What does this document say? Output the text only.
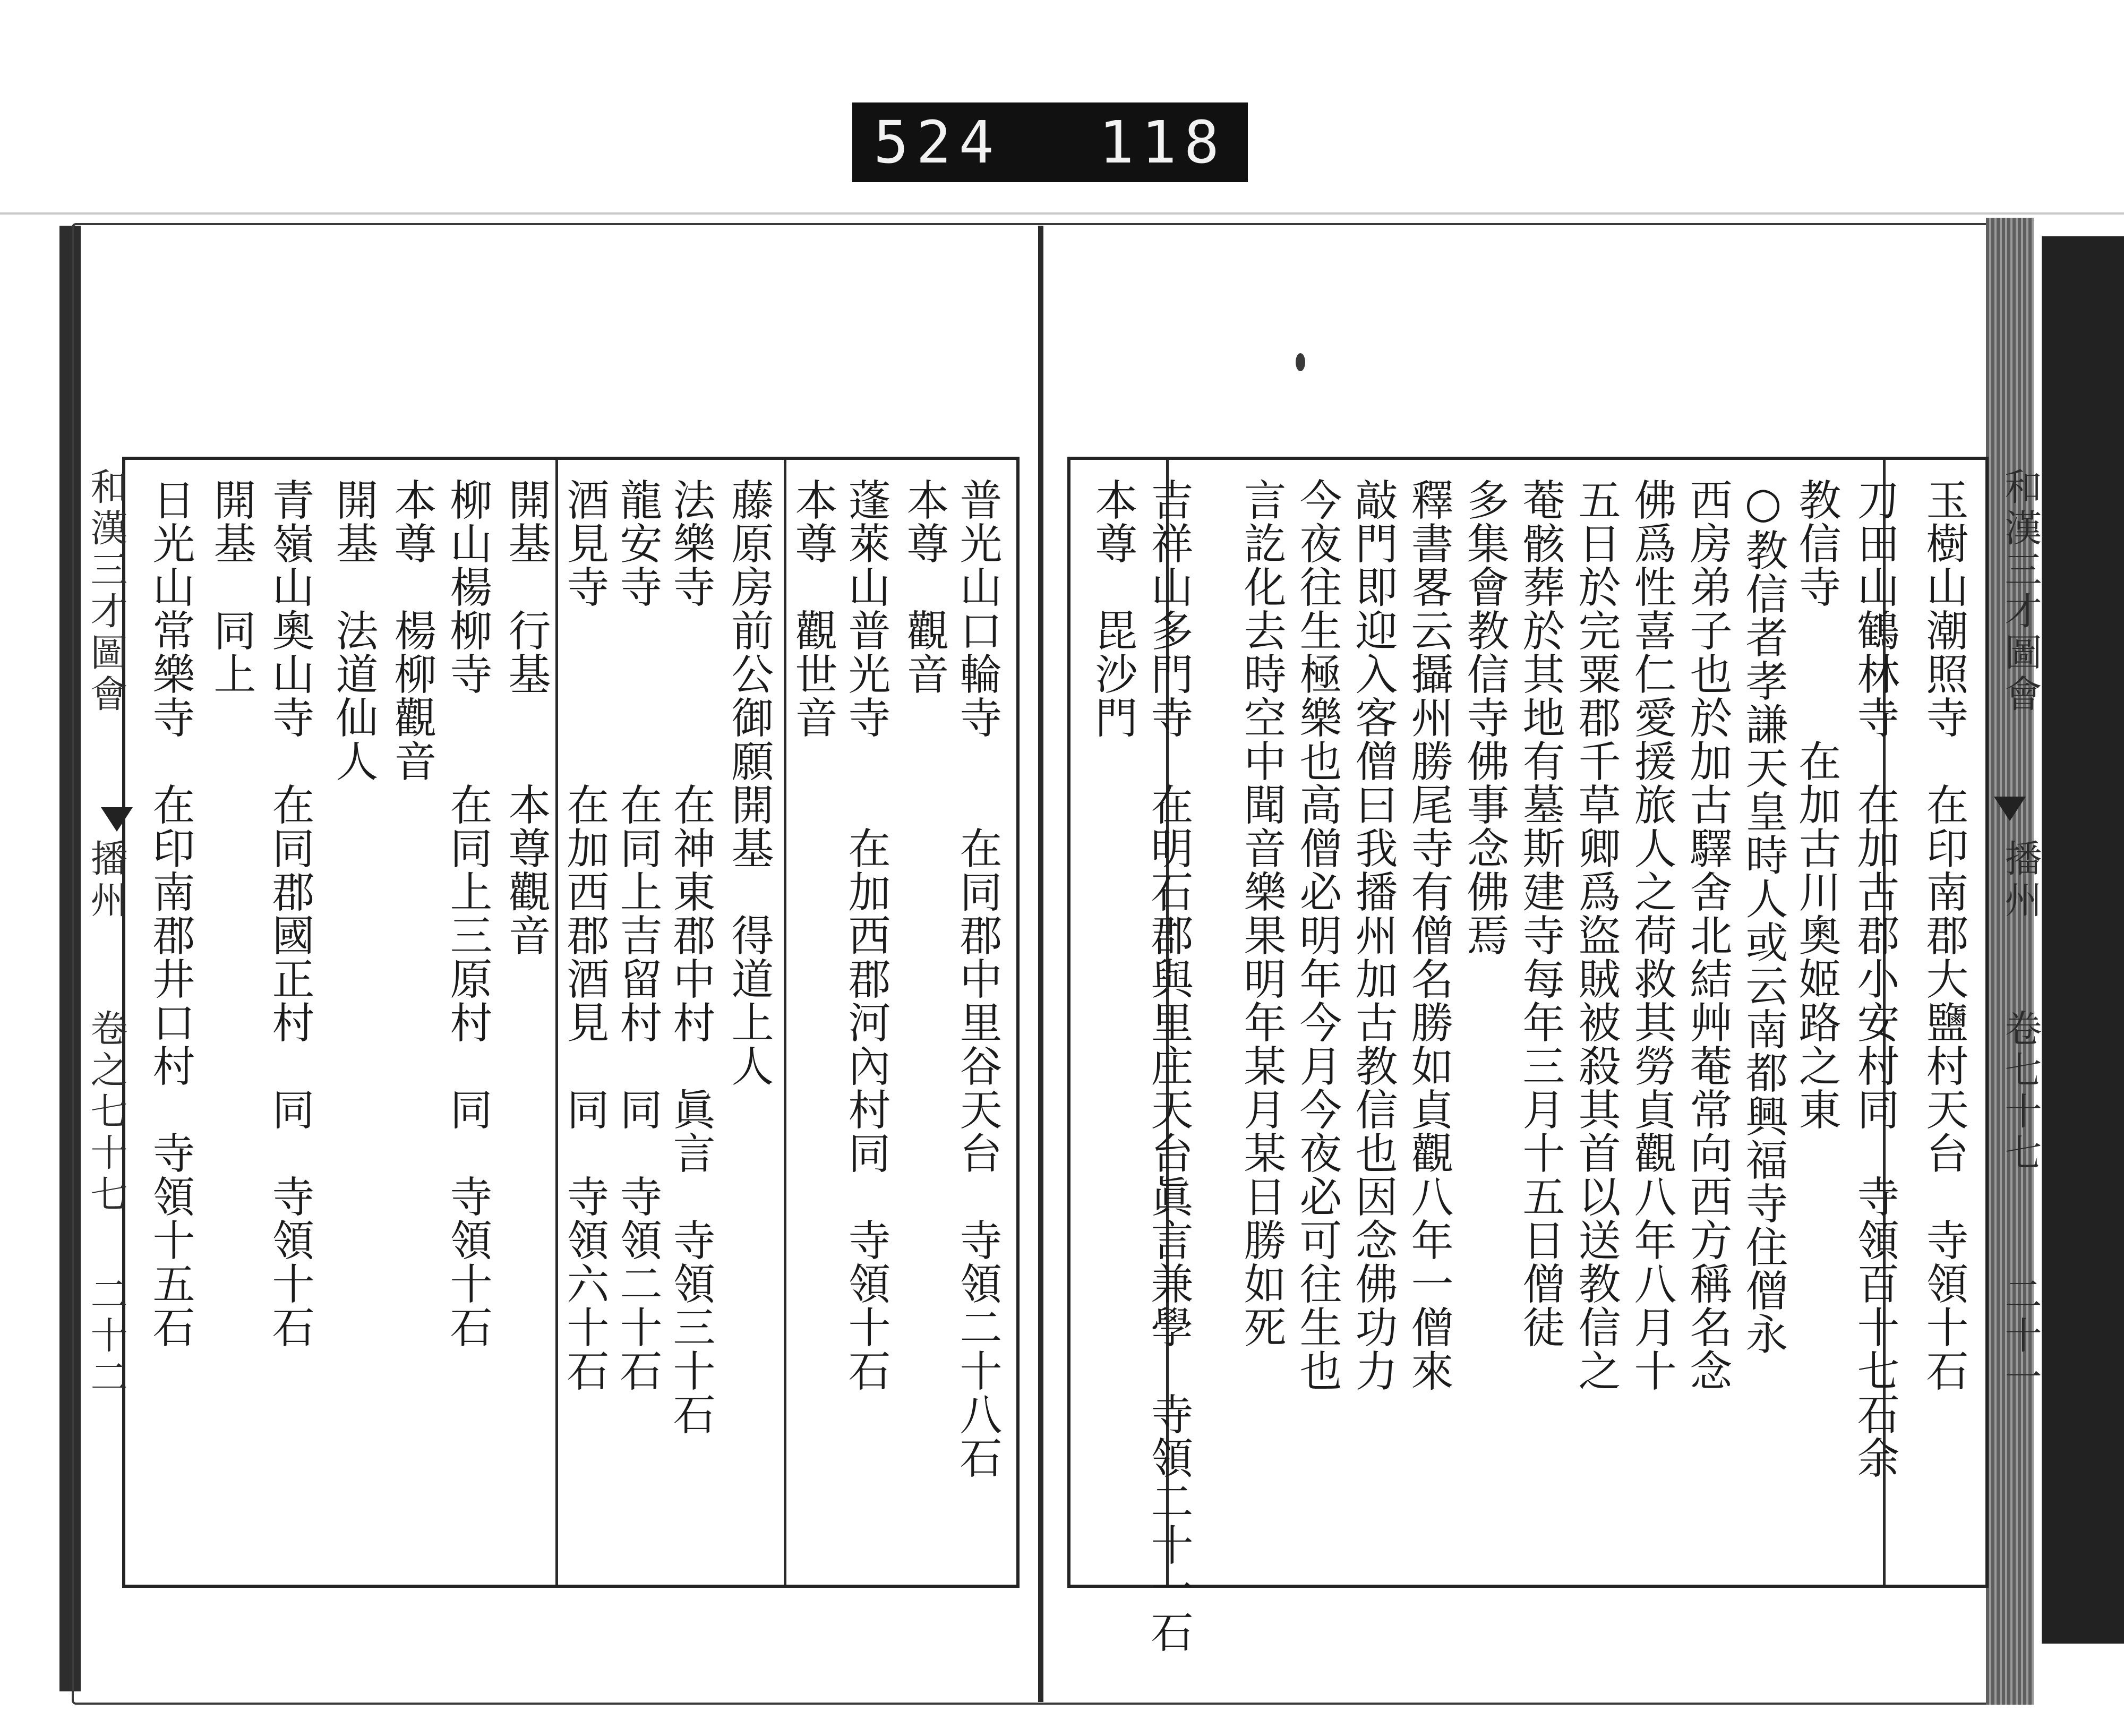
524 118
和漢三才圖會
播州
卷之七十七
二十二	普光山口輪寺　　在同郡中里谷天台　寺領二十八石
本尊　觀音
蓬萊山普光寺　　在加西郡河內村同　寺領十石
本尊　觀世音
藤原房前公御願開基　得道上人
法樂寺　　　　在神東郡中村　眞言　寺領三十石
龍安寺　　　　在同上吉留村　同　寺領二十石
酒見寺　　　　在加西郡酒見　同　寺領六十石
開基　行基　　本尊觀音
柳山楊柳寺　　在同上三原村　同　寺領十石
本尊　楊柳觀音
開基　法道仙人
青嶺山奧山寺　在同郡國正村　同　寺領十石
開基　同上
日光山常樂寺　在印南郡井口村　寺領十五石	和漢三才圖會
播州
卷七十七
二十一
玉樹山潮照寺　在印南郡大鹽村天台　寺領十石
刀田山鶴林寺　在加古郡小安村同　寺領百十七石余
教信寺　　　在加古川奧姬路之東
○教信者孝謙天皇時人或云南都興福寺住僧永
西房弟子也於加古驛舍北結艸菴常向西方稱名念
佛爲性喜仁愛援旅人之荷救其勞貞觀八年八月十
五日於完粟郡千草卿爲盜賊被殺其首以送教信之
菴骸葬於其地有墓斯建寺每年三月十五日僧徒
多集會教信寺佛事念佛焉
釋書畧云攝州勝尾寺有僧名勝如貞觀八年一僧來
敲門即迎入客僧曰我播州加古教信也因念佛功力
今夜往生極樂也高僧必明年今月今夜必可往生也
言訖化去時空中聞音樂果明年某月某日勝如死
吉祥山多門寺　在明石郡與里庄天台眞言兼學　寺領二十一石
本尊　毘沙門
